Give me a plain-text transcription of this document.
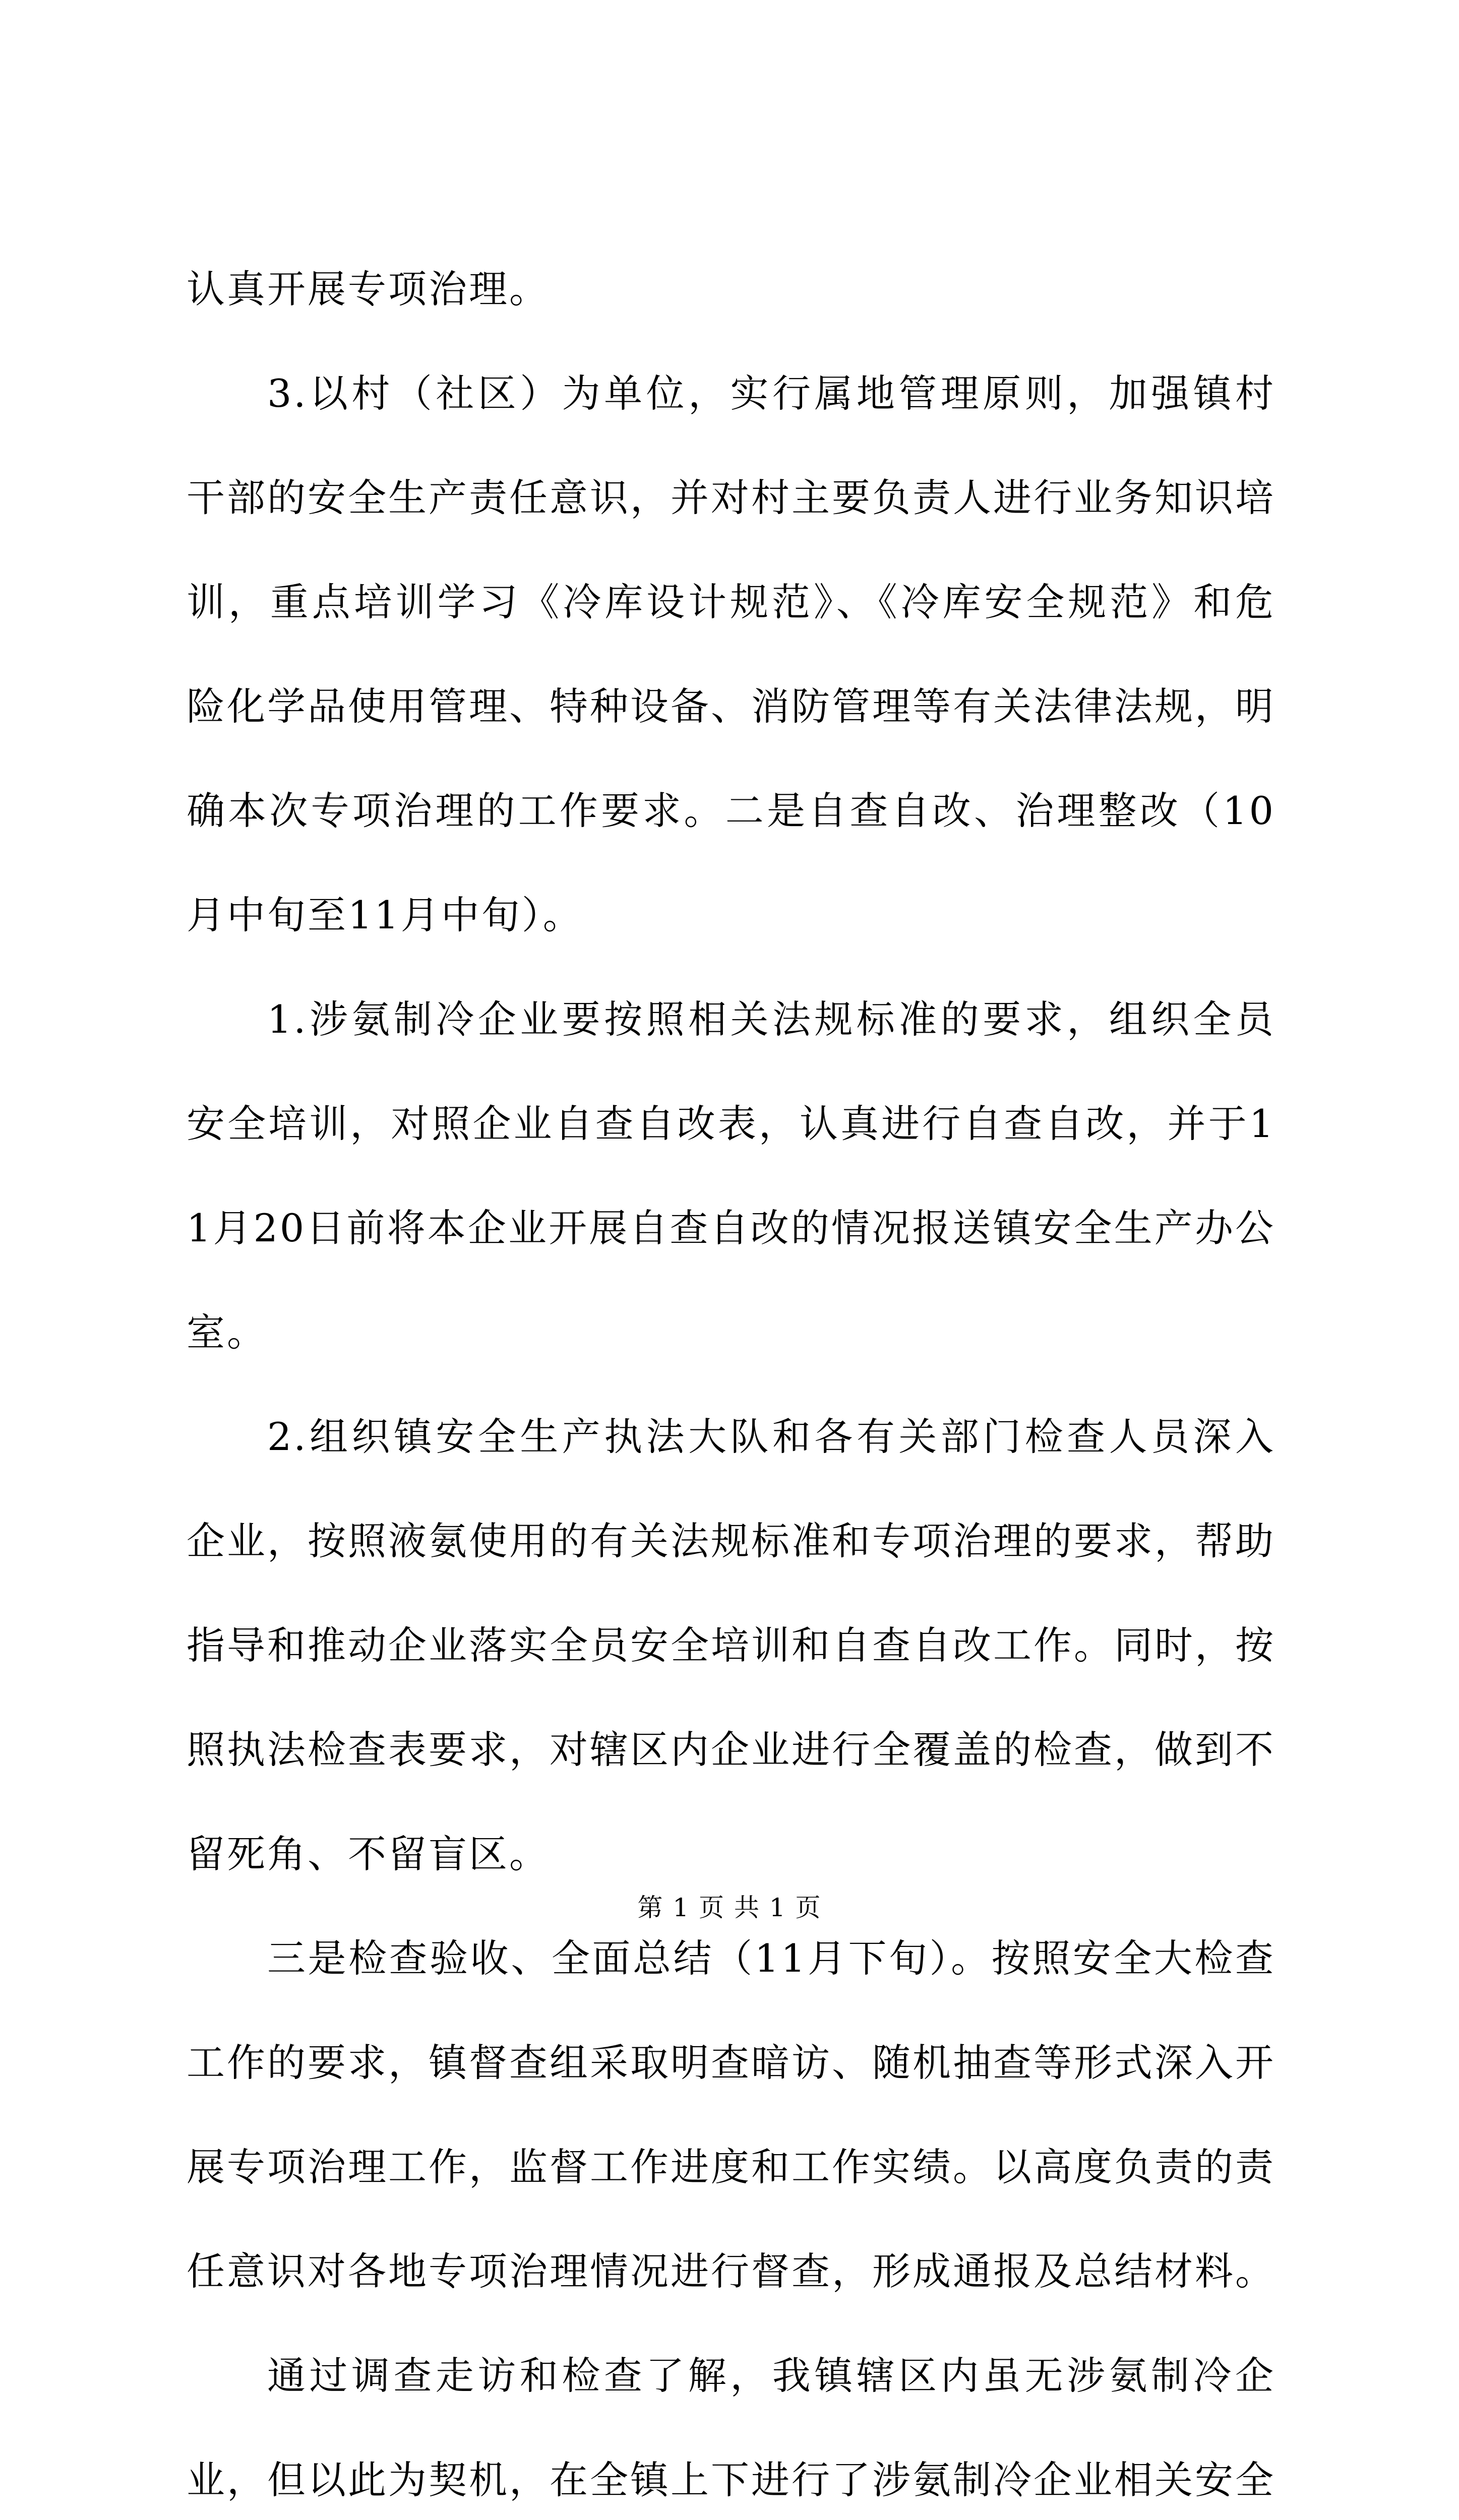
认真开展专项治理。

3.以村（社区）为单位，实行属地管理原则，加强镇村干部的安全生产责任意识，并对村主要负责人进行业务知识培训，重点培训学习《冷库设计规范》、《冷库安全规范》和危险化学品使用管理、特种设备、消防管理等有关法律法规，明确本次专项治理的工作要求。二是自查自改、治理整改（10月中旬至11月中旬）。

1.涉氨制冷企业要按照相关法规标准的要求，组织全员安全培训，对照企业自查自改表，认真进行自查自改，并于11月20日前将本企业开展自查自改的情况报送镇安全生产办公室。

2.组织镇安全生产执法大队和各有关部门检查人员深入企业，按照液氨使用的有关法规标准和专项治理的要求，帮助指导和推动企业落实全员安全培训和自查自改工作。同时，按照执法检查表要求，对辖区内企业进行全覆盖的检查，做到不留死角、不留盲区。

三是检查验收、全面总结（11月下旬）。按照安全大检查工作的要求，镇督查组采取明查暗访、随机抽查等形式深入开展专项治理工作，监督工作进度和工作实绩。以高度负责的责任意识对各地专项治理情况进行督查，形成通报及总结材料。

通过调查走访和检查了解，我镇辖区内虽无涉氨制冷企业，但以此为契机，在全镇上下进行了涉氨制冷企业相关安全

第 1 页 共 1 页
